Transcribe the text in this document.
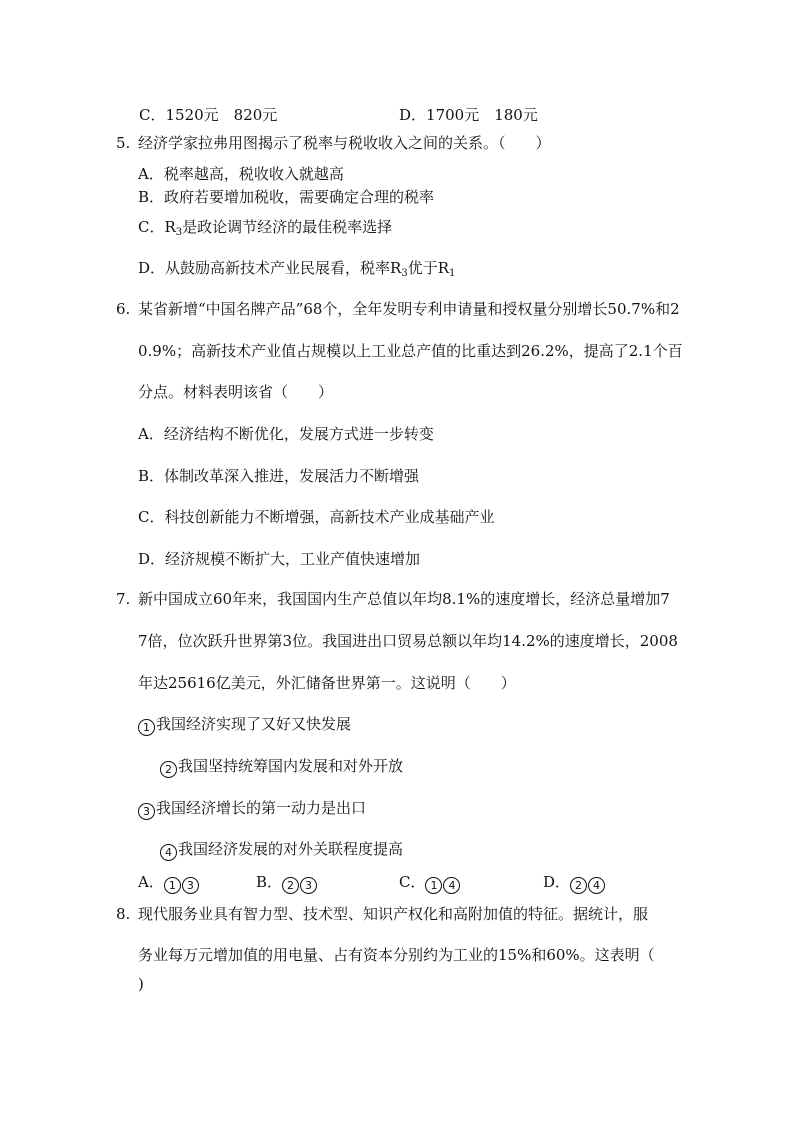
C．1520元　820元	D．1700元　180元
5. 经济学家拉弗用图揭示了税率与税收收入之间的关系。（　　）
A．税率越高，税收收入就越高
B．政府若要增加税收，需要确定合理的税率
C．$R_3$是政论调节经济的最佳税率选择
D．从鼓励高新技术产业民展看，税率$R_3$优于$R_1$
6. 某省新增“中国名牌产品”68个，全年发明专利申请量和授权量分别增长50.7%和2
0.9%；高新技术产业值占规模以上工业总产值的比重达到26.2%，提高了2.1个百
分点。材料表明该省（　　）
A．经济结构不断优化，发展方式进一步转变
B．体制改革深入推进，发展活力不断增强
C．科技创新能力不断增强，高新技术产业成基础产业
D．经济规模不断扩大，工业产值快速增加
7. 新中国成立60年来，我国国内生产总值以年均8.1%的速度增长，经济总量增加7
7倍，位次跃升世界第3位。我国进出口贸易总额以年均14.2%的速度增长，2008
年达25616亿美元，外汇储备世界第一。这说明（　　）
1 我国经济实现了又好又快发展
2 我国坚持统筹国内发展和对外开放
3 我国经济增长的第一动力是出口
4 我国经济发展的对外关联程度提高
A． 1 3	B． 2 3	C． 1 4	D． 2 4
8. 现代服务业具有智力型、技术型、知识产权化和高附加值的特征。据统计，服
务业每万元增加值的用电量、占有资本分别约为工业的15%和60%。这表明（
)
